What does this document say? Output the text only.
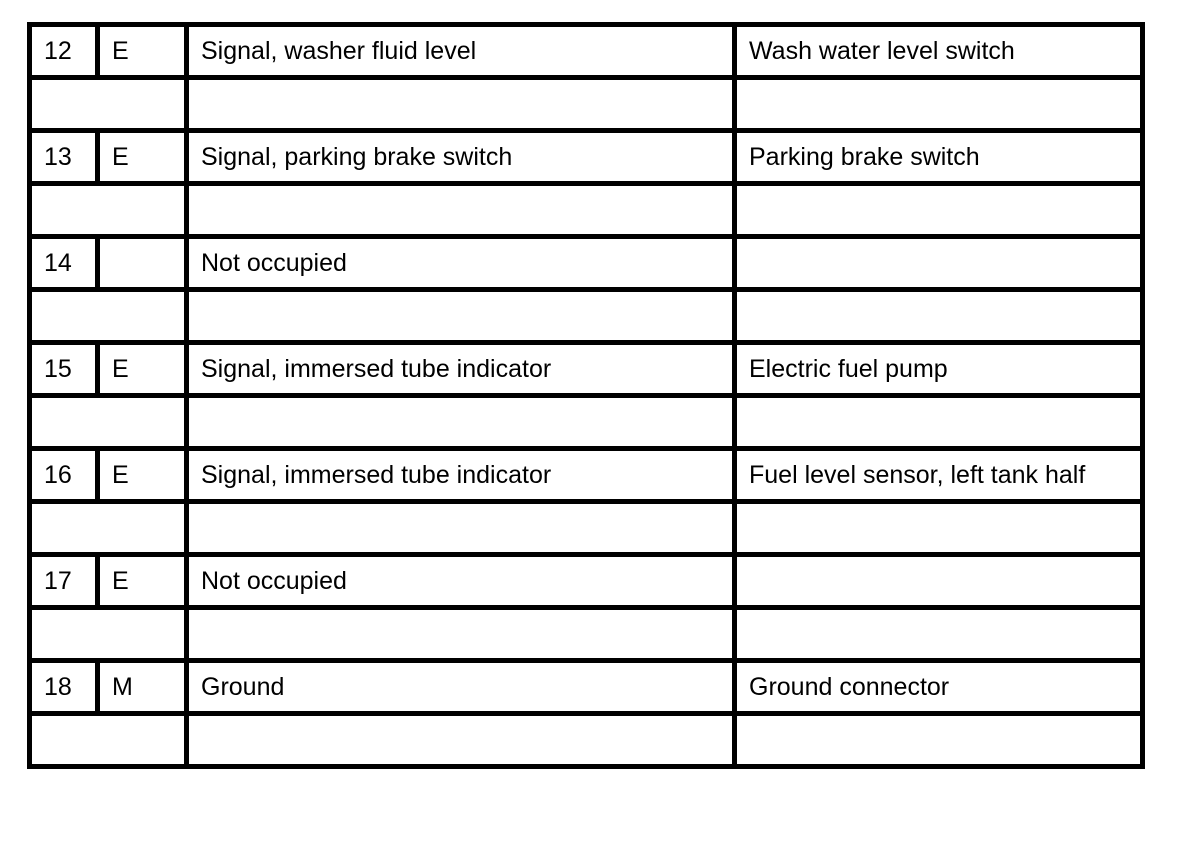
12	E	Signal, washer fluid level	Wash water level switch

13	E	Signal, parking brake switch	Parking brake switch

14		Not occupied	

15	E	Signal, immersed tube indicator	Electric fuel pump

16	E	Signal, immersed tube indicator	Fuel level sensor, left tank half

17	E	Not occupied	

18	M	Ground	Ground connector
